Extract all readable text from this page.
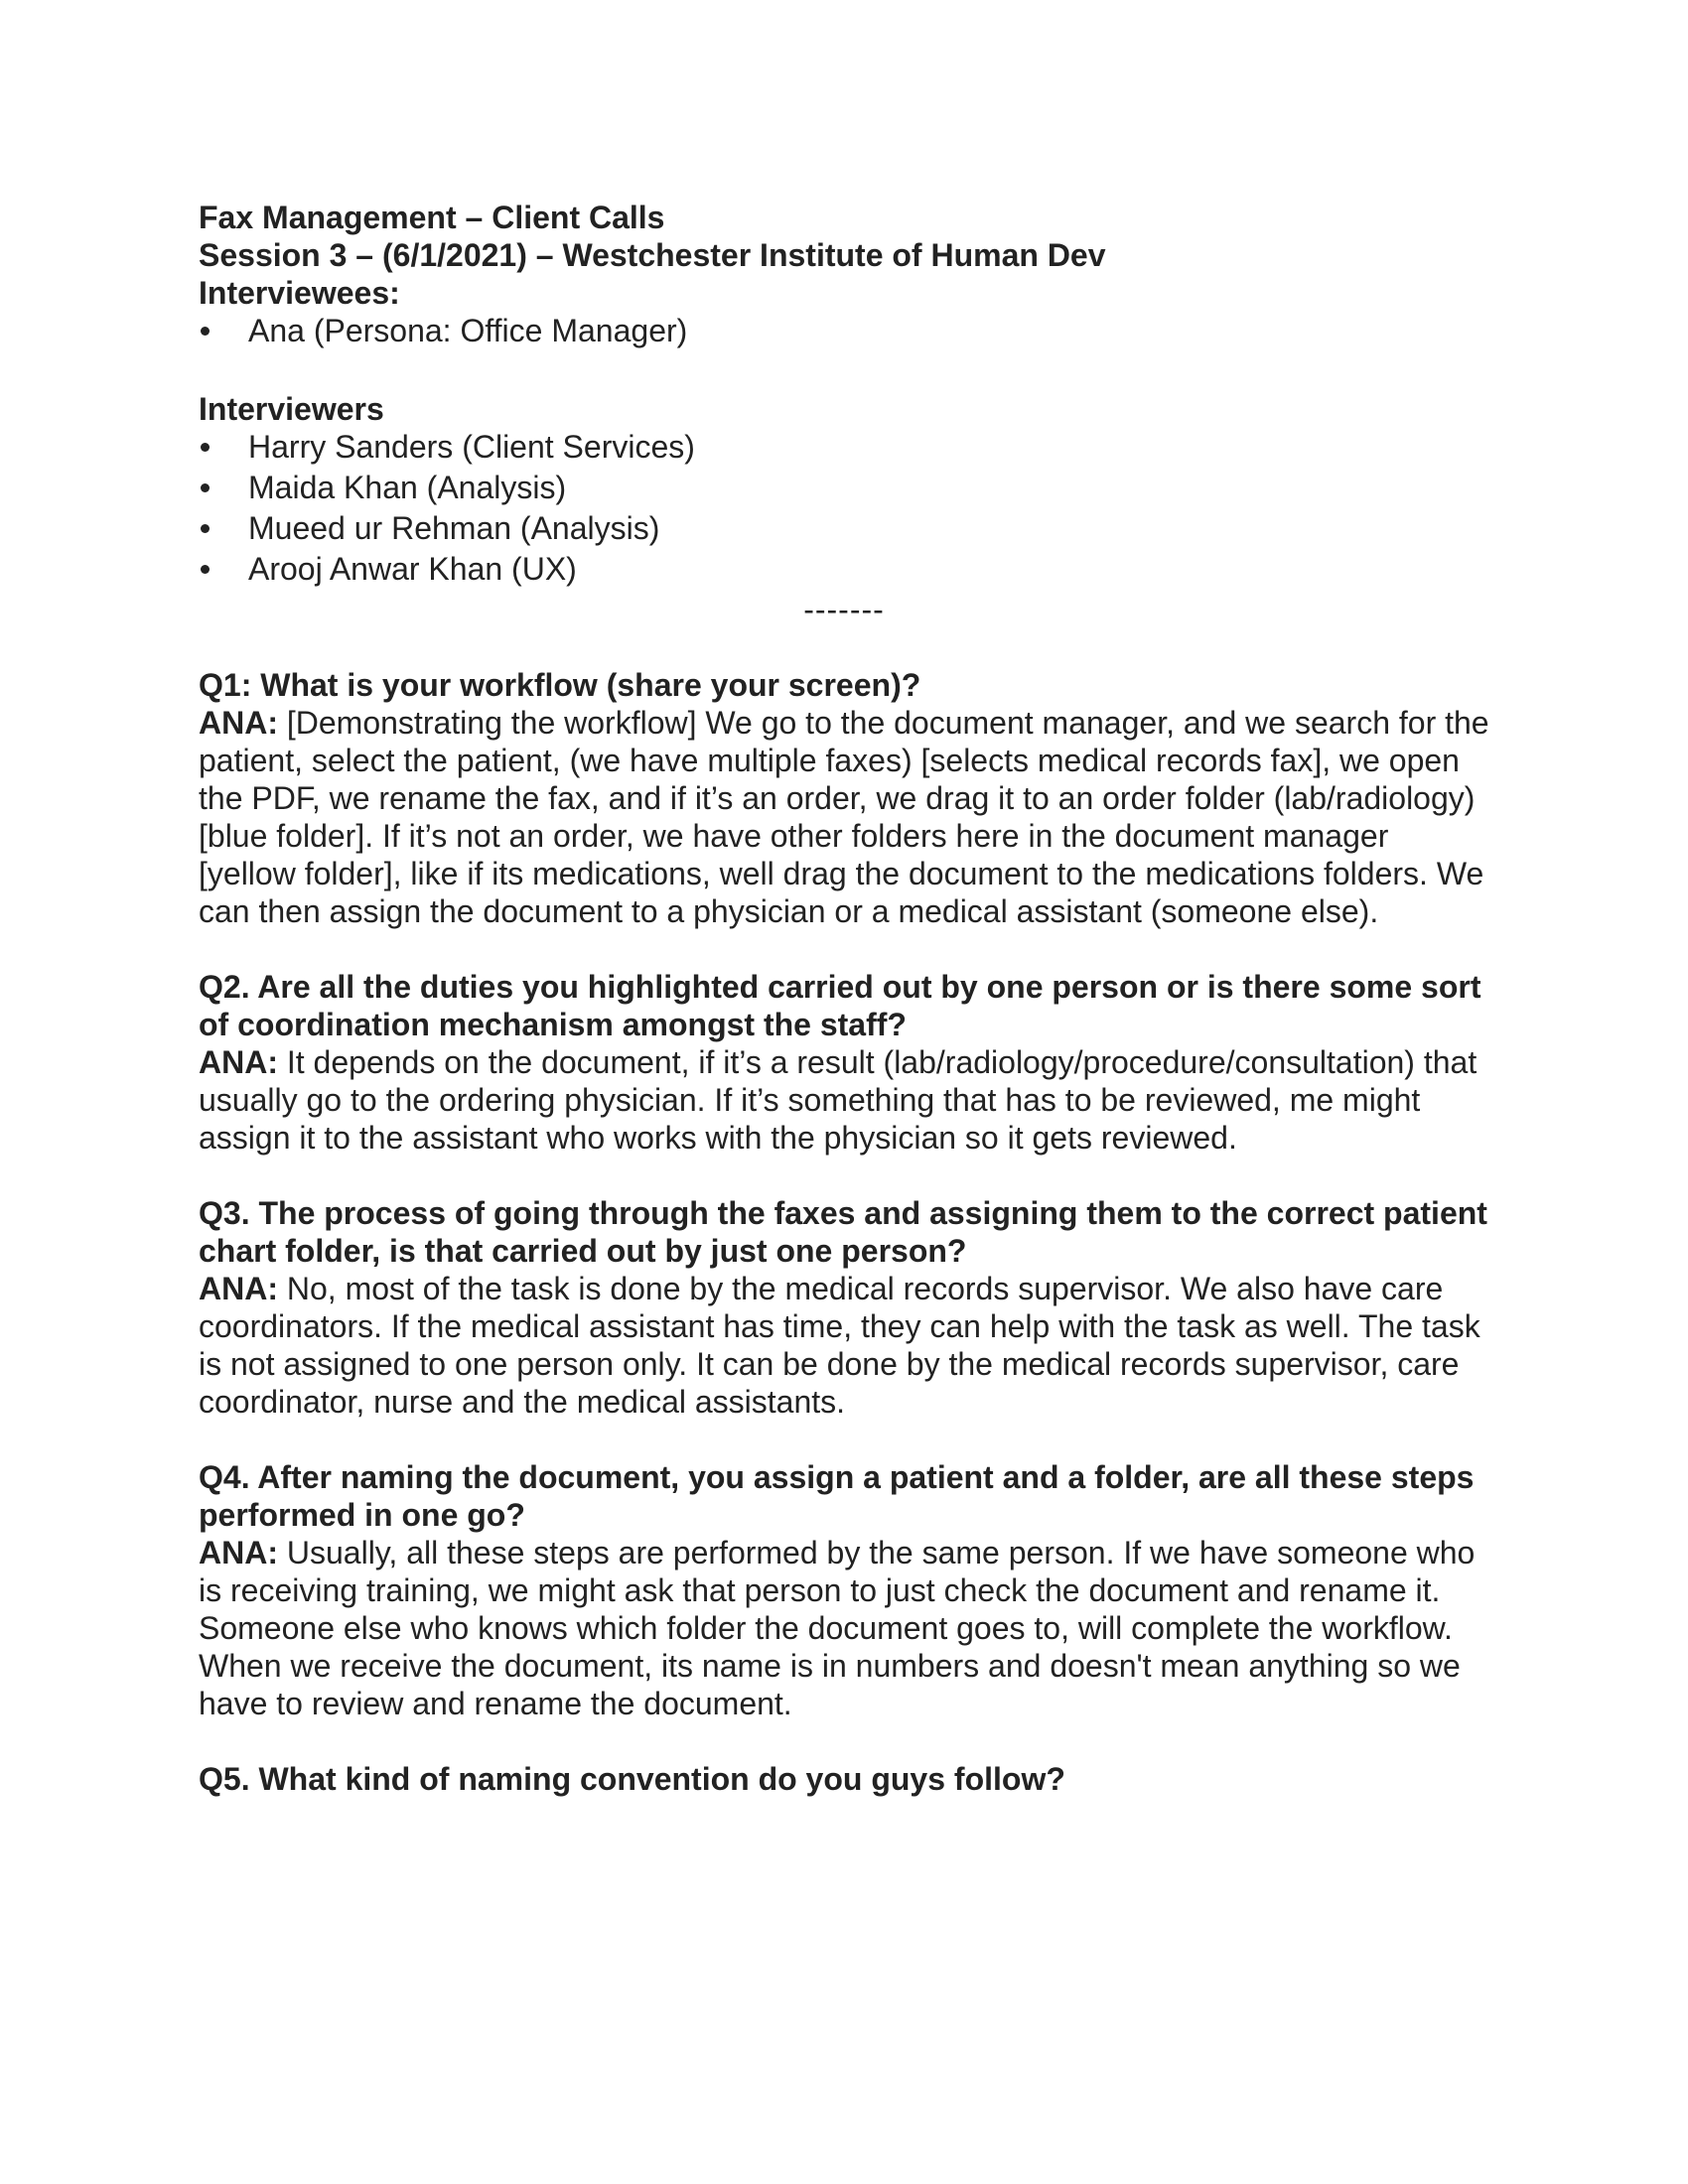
Fax Management – Client Calls

Session 3 – (6/1/2021) – Westchester Institute of Human Dev

Interviewees:

Ana (Persona: Office Manager)

Interviewers

Harry Sanders (Client Services)
Maida Khan (Analysis)
Mueed ur Rehman (Analysis)
Arooj Anwar Khan (UX)

-------

Q1: What is your workflow (share your screen)?

ANA: [Demonstrating the workflow] We go to the document manager, and we search for the patient, select the patient, (we have multiple faxes) [selects medical records fax], we open the PDF, we rename the fax, and if it’s an order, we drag it to an order folder (lab/radiology) [blue folder]. If it’s not an order, we have other folders here in the document manager [yellow folder], like if its medications, well drag the document to the medications folders. We can then assign the document to a physician or a medical assistant (someone else).

Q2. Are all the duties you highlighted carried out by one person or is there some sort of coordination mechanism amongst the staff?

ANA: It depends on the document, if it’s a result (lab/radiology/procedure/consultation) that usually go to the ordering physician. If it’s something that has to be reviewed, me might assign it to the assistant who works with the physician so it gets reviewed.

Q3. The process of going through the faxes and assigning them to the correct patient chart folder, is that carried out by just one person?

ANA: No, most of the task is done by the medical records supervisor. We also have care coordinators. If the medical assistant has time, they can help with the task as well. The task is not assigned to one person only. It can be done by the medical records supervisor, care coordinator, nurse and the medical assistants.

Q4. After naming the document, you assign a patient and a folder, are all these steps performed in one go?

ANA: Usually, all these steps are performed by the same person. If we have someone who is receiving training, we might ask that person to just check the document and rename it. Someone else who knows which folder the document goes to, will complete the workflow. When we receive the document, its name is in numbers and doesn't mean anything so we have to review and rename the document.

Q5. What kind of naming convention do you guys follow?
